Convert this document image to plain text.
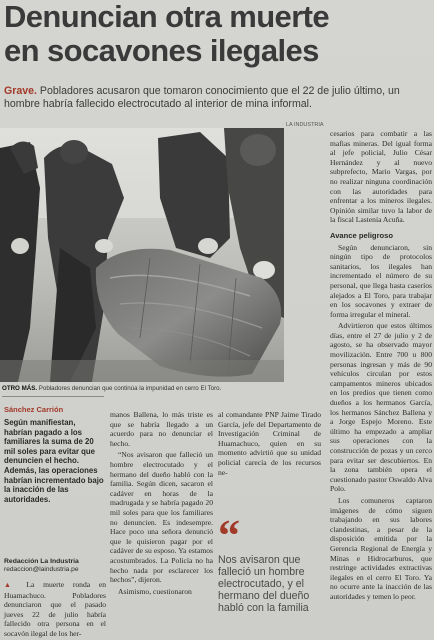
Denuncian otra muerte
en socavones ilegales
Grave. Pobladores acusaron que tomaron conocimiento que el 22 de julio último, un hombre habría fallecido electrocutado al interior de mina informal.
LA INDUSTRIA
OTRO MÁS. Pobladores denuncian que continúa la impunidad en cerro El Toro.
Sánchez Carrión
Según manifiestan, habrían pagado a los familiares la suma de 20 mil soles para evitar que denuncien el hecho. Además, las operaciones habrían incrementado bajo la inacción de las autoridades.
Redacción La Industria
redaccion@laindustria.pe

▲ La muerte ronda en Huamachuco. Pobladores denunciaron que el pasado jueves 22 de julio habría fallecido otra persona en el socavón ilegal de los her-

manos Ballena, lo más triste es que se habría llegado a un acuerdo para no denunciar el hecho.

“Nos avisaron que falleció un hombre electrocutado y el hermano del dueño habló con la familia. Según dicen, sacaron el cadáver en horas de la madrugada y se habría pagado 20 mil soles para que los familiares no denuncien. Es indesempre. Hace poco una señora denunció que le quisieron pagar por el cadáver de su esposo. Ya estamos acostumbrados. La Policía no ha hecho nada por esclarecer los hechos”, dijeron.

Asimismo, cuestionaron

al comandante PNP Jaime Tirado García, jefe del Departamento de Investigación Criminal de Huamachuco, quien en su momento advirtió que su unidad policial carecía de los recursos ne-

“
Nos avisaron que falleció un hombre electrocutado, y el hermano del dueño habló con la familia

cesarios para combatir a las mafias mineras. Del igual forma al jefe policial, Julio César Hernández y al nuevo subprefecto, Mario Vargas, por no realizar ninguna coordinación con las autoridades para enfrentar a los mineros ilegales. Opinión similar tuvo la labor de la fiscal Lastenia Acuña.

Avance peligroso

Según denunciaron, sin ningún tipo de protocolos sanitarios, los ilegales han incrementado el número de su personal, que llega hasta caseríos alejados a El Toro, para trabajar en los socavones y extraer de forma irregular el mineral.

Advirtieron que estos últimos días, entre el 27 de julio y 2 de agosto, se ha observado mayor movilización. Entre 700 u 800 personas ingresan y más de 90 vehículos circulan por estos campamentos mineros ubicados en los predios que tienen como dueños a los hermanos García, los hermanos Sánchez Ballena y a Jorge Espejo Moreno. Este último ha empezado a ampliar sus operaciones con la construcción de pozas y un cerco para evitar ser descubiertos. En la zona también opera el cuestionado pastor Oswaldo Alva Polo.

Los comuneros captaron imágenes de cómo siguen trabajando en sus labores clandestinas, a pesar de la disposición emitida por la Gerencia Regional de Energía y Minas e Hidrocarburos, que restringe actividades extractivas ilegales en el cerro El Toro. Ya no ocurre ante la inacción de las autoridades y temen lo peor.
